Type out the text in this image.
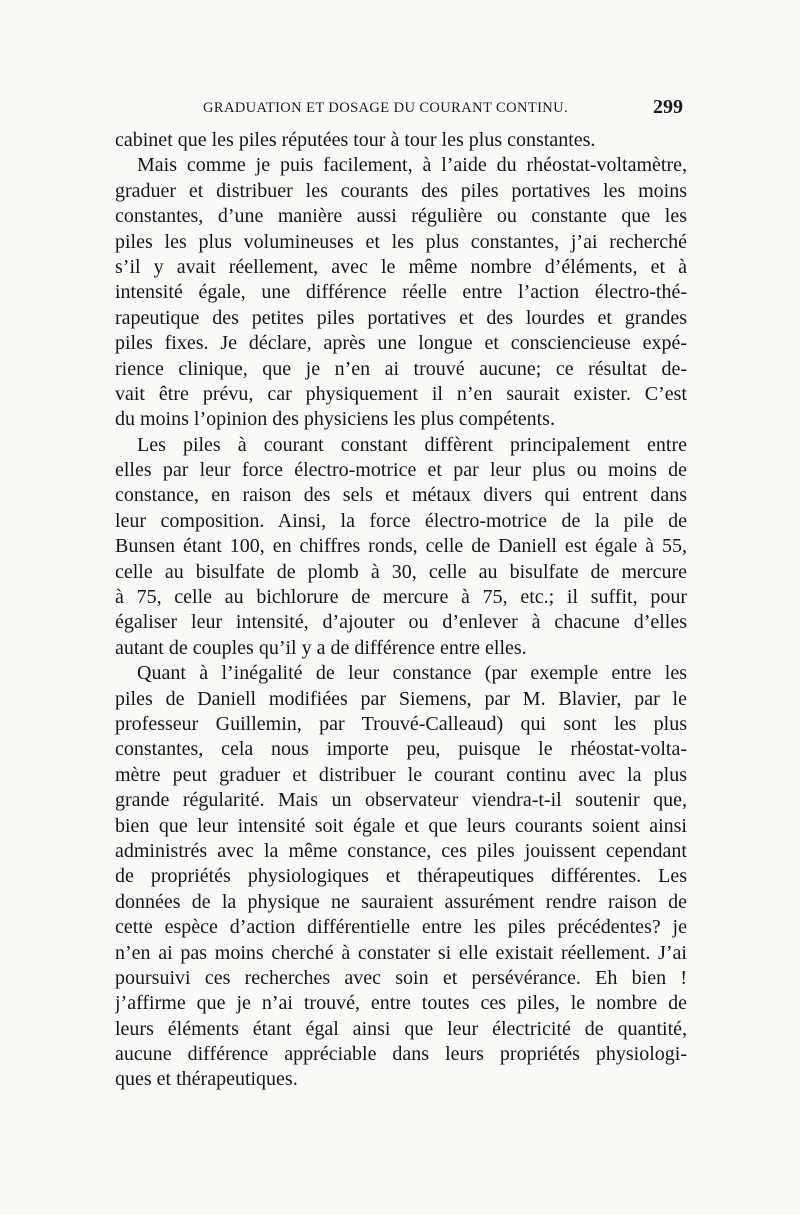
GRADUATION ET DOSAGE DU COURANT CONTINU.	299
cabinet que les piles réputées tour à tour les plus constantes.
Mais comme je puis facilement, à l’aide du rhéostat-voltamètre,
graduer et distribuer les courants des piles portatives les moins
constantes, d’une manière aussi régulière ou constante que les
piles les plus volumineuses et les plus constantes, j’ai recherché
s’il y avait réellement, avec le même nombre d’éléments, et à
intensité égale, une différence réelle entre l’action électro-thé-
rapeutique des petites piles portatives et des lourdes et grandes
piles fixes. Je déclare, après une longue et consciencieuse expé-
rience clinique, que je n’en ai trouvé aucune; ce résultat de-
vait être prévu, car physiquement il n’en saurait exister. C’est
du moins l’opinion des physiciens les plus compétents.
Les piles à courant constant diffèrent principalement entre
elles par leur force électro-motrice et par leur plus ou moins de
constance, en raison des sels et métaux divers qui entrent dans
leur composition. Ainsi, la force électro-motrice de la pile de
Bunsen étant 100, en chiffres ronds, celle de Daniell est égale à 55,
celle au bisulfate de plomb à 30, celle au bisulfate de mercure
à 75, celle au bichlorure de mercure à 75, etc.; il suffit, pour
égaliser leur intensité, d’ajouter ou d’enlever à chacune d’elles
autant de couples qu’il y a de différence entre elles.
Quant à l’inégalité de leur constance (par exemple entre les
piles de Daniell modifiées par Siemens, par M. Blavier, par le
professeur Guillemin, par Trouvé-Calleaud) qui sont les plus
constantes, cela nous importe peu, puisque le rhéostat-volta-
mètre peut graduer et distribuer le courant continu avec la plus
grande régularité. Mais un observateur viendra-t-il soutenir que,
bien que leur intensité soit égale et que leurs courants soient ainsi
administrés avec la même constance, ces piles jouissent cependant
de propriétés physiologiques et thérapeutiques différentes. Les
données de la physique ne sauraient assurément rendre raison de
cette espèce d’action différentielle entre les piles précédentes? je
n’en ai pas moins cherché à constater si elle existait réellement. J’ai
poursuivi ces recherches avec soin et persévérance. Eh bien !
j’affirme que je n’ai trouvé, entre toutes ces piles, le nombre de
leurs éléments étant égal ainsi que leur électricité de quantité,
aucune différence appréciable dans leurs propriétés physiologi-
ques et thérapeutiques.
